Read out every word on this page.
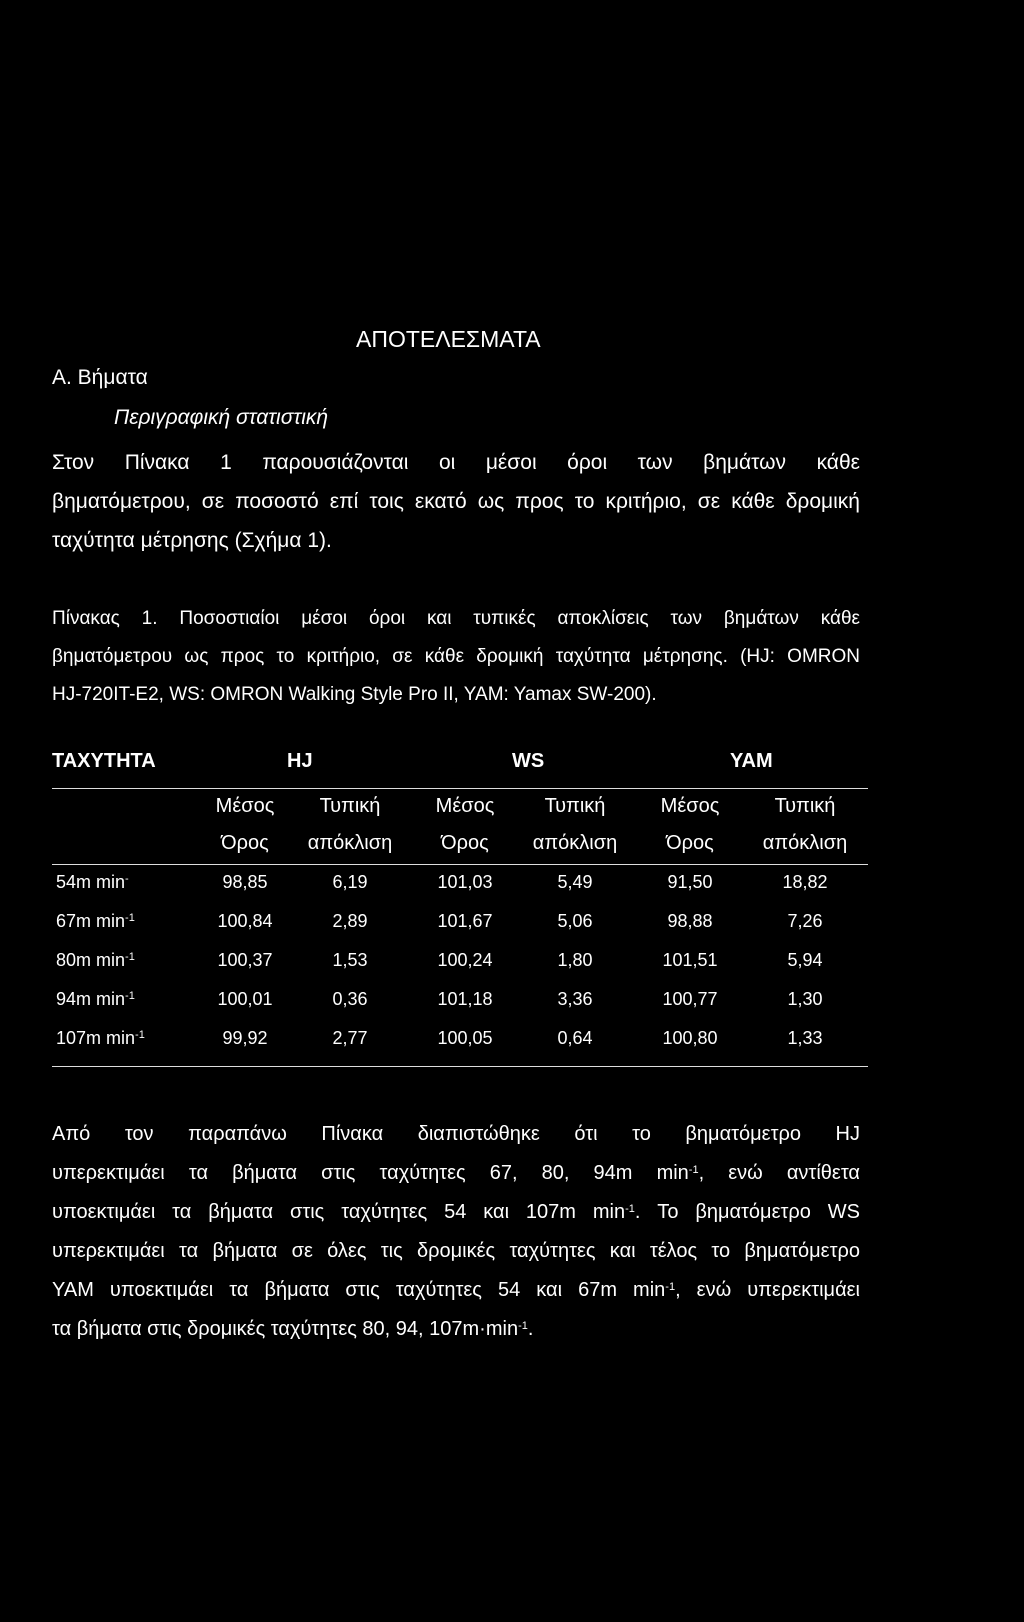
ΑΠΟΤΕΛΕΣΜΑΤΑ
Α. Βήματα
Περιγραφική στατιστική
Στον Πίνακα 1 παρουσιάζονται οι μέσοι όροι των βημάτων κάθε
βηματόμετρου, σε ποσοστό επί τοις εκατό ως προς το κριτήριο, σε κάθε δρομική
ταχύτητα μέτρησης (Σχήμα 1).
Πίνακας 1. Ποσοστιαίοι μέσοι όροι και τυπικές αποκλίσεις των βημάτων κάθε
βηματόμετρου ως προς το κριτήριο, σε κάθε δρομική ταχύτητα μέτρησης. (HJ: OMRON
HJ-720IT-E2, WS: OMRON Walking Style Pro II, YAM: Yamax SW-200).
ΤΑΧΥΤΗΤΑ	HJ	WS	YAM
Μέσος	Τυπική	Μέσος	Τυπική	Μέσος	Τυπική
Όρος	απόκλιση	Όρος	απόκλιση	Όρος	απόκλιση
54m min-	98,85	6,19	101,03	5,49	91,50	18,82
67m $\min^{-1}$	100,84	2,89	101,67	5,06	98,88	7,26
80m $\min^{-1}$	100,37	1,53	100,24	1,80	101,51	5,94
94m $\min^{-1}$	100,01	0,36	101,18	3,36	100,77	1,30
107m $\min^{-1}$	99,92	2,77	100,05	0,64	100,80	1,33
Από τον παραπάνω Πίνακα διαπιστώθηκε ότι το βηματόμετρο HJ
υπερεκτιμάει τα βήματα στις ταχύτητες 67, 80, 94m $\min^{-1}$, ενώ αντίθετα
υποεκτιμάει τα βήματα στις ταχύτητες 54 και 107m $\min^{-1}$. Το βηματόμετρο WS
υπερεκτιμάει τα βήματα σε όλες τις δρομικές ταχύτητες και τέλος το βηματόμετρο
YAM υποεκτιμάει τα βήματα στις ταχύτητες 54 και 67m $\min^{-1}$, ενώ υπερεκτιμάει
τα βήματα στις δρομικές ταχύτητες 80, 94, $107m\cdot\min^{-1}$.
